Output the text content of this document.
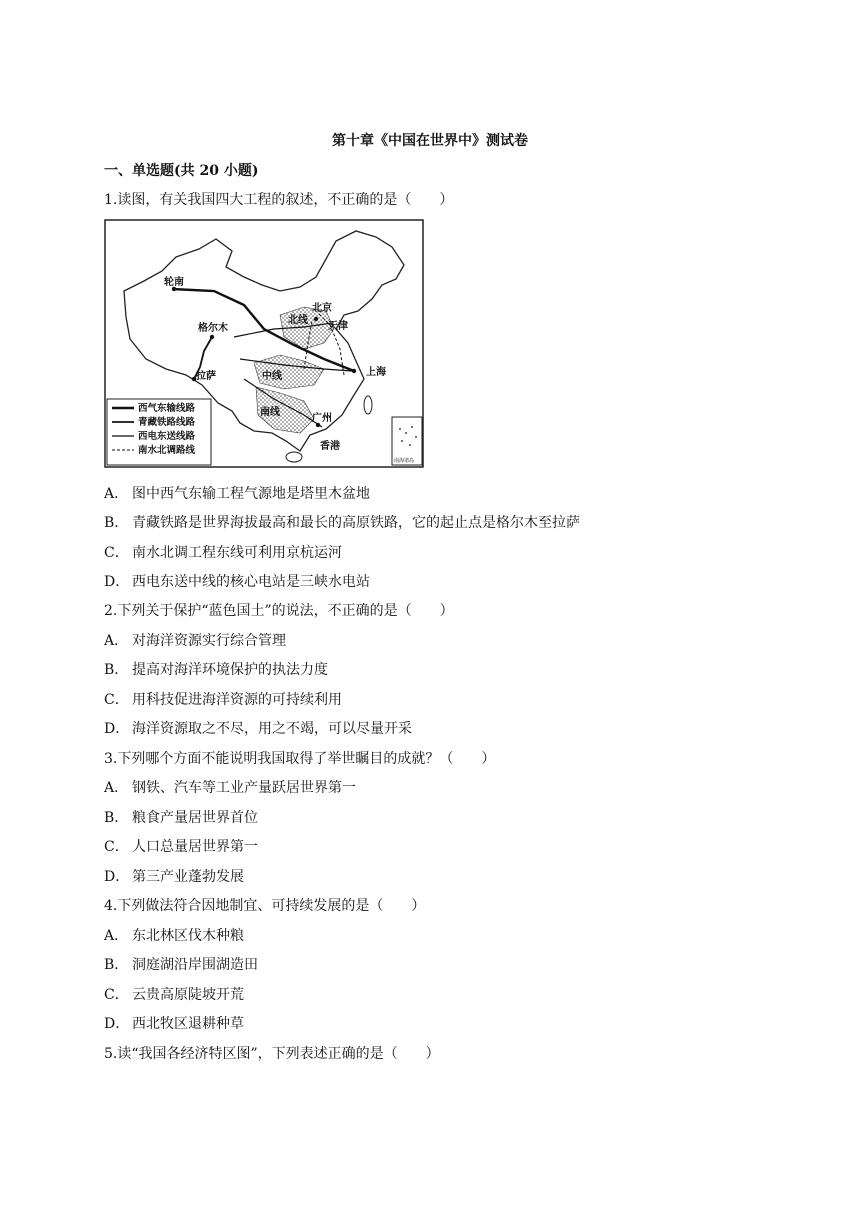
第十章《中国在世界中》测试卷
一、单选题(共 20 小题)
1.读图，有关我国四大工程的叙述，不正确的是（　　）
轮南
格尔木
拉萨
北京
天津
上海
广州
香港
北线
中线
南线
西气东输线路
青藏铁路线路
西电东送线路
南水北调路线
南海诸岛
A． 图中西气东输工程气源地是塔里木盆地
B． 青藏铁路是世界海拔最高和最长的高原铁路，它的起止点是格尔木至拉萨
C． 南水北调工程东线可利用京杭运河
D． 西电东送中线的核心电站是三峡水电站
2.下列关于保护“蓝色国土”的说法，不正确的是（　　）
A． 对海洋资源实行综合管理
B． 提高对海洋环境保护的执法力度
C． 用科技促进海洋资源的可持续利用
D． 海洋资源取之不尽，用之不竭，可以尽量开采
3.下列哪个方面不能说明我国取得了举世瞩目的成就？（　　）
A． 钢铁、汽车等工业产量跃居世界第一
B． 粮食产量居世界首位
C． 人口总量居世界第一
D． 第三产业蓬勃发展
4.下列做法符合因地制宜、可持续发展的是（　　）
A． 东北林区伐木种粮
B． 洞庭湖沿岸围湖造田
C． 云贵高原陡坡开荒
D． 西北牧区退耕种草
5.读“我国各经济特区图”，下列表述正确的是（　　）
